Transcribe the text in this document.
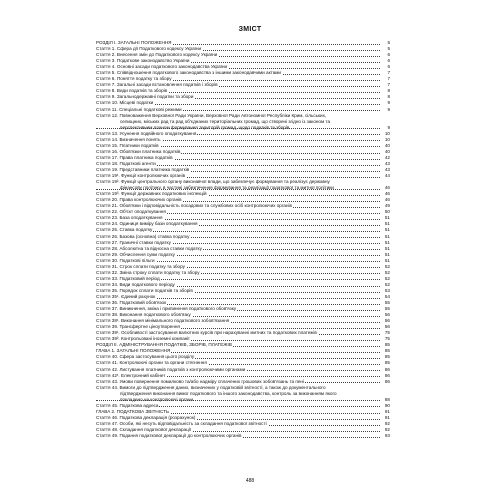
ЗМІСТ
РОЗДІЛ I. ЗАГАЛЬНІ ПОЛОЖЕННЯ	5
Стаття 1. Сфера дії Податкового кодексу України	5
Стаття 2. Внесення змін до Податкового кодексу України	6
Стаття 3. Податкове законодавство України	6
Стаття 4. Основні засади податкового законодавства України	6
Стаття 5. Співвідношення податкового законодавства з іншими законодавчими актами	7
Стаття 6. Поняття податку та збору	7
Стаття 7. Загальні засади встановлення податків і зборів	7
Стаття 8. Види податків та зборів	8
Стаття 9. Загальнодержавні податки та збори	8
Стаття 10. Місцеві податки	9
Стаття 11. Спеціальні податкові режими	9
Стаття 12. Повноваження Верховної Ради України, Верховної Ради Автономної Республіки Крим, сільських,
селищних, міських рад та рад об'єднаних територіальних громад, що створені згідно із законом та
перспективним планом формування територій громад, щодо податків та зборів	9
Стаття 13. Усунення подвійного оподаткування	10
Стаття 14. Визначення понять	10
Стаття 15. Платники податків	40
Стаття 16. Обов'язки платника податків	40
Стаття 17. Права платника податків	42
Стаття 18. Податкові агенти	43
Стаття 19. Представники платника податків	43
Стаття 19¹. Функції контролюючих органів	44
Стаття 19². Функції центрального органу виконавчої влади, що забезпечує формування та реалізує державну
фінансову політику, в частині забезпечення формування та реалізації податкової та митної політики	46
Стаття 19³. Функції державних податкових інспекцій	46
Стаття 20. Права контролюючих органів	46
Стаття 21. Обов'язки і відповідальність посадових та службових осіб контролюючих органів	49
Стаття 22. Об'єкт оподаткування	50
Стаття 23. База оподаткування	51
Стаття 24. Одиниця виміру бази оподаткування	51
Стаття 25. Ставка податку	51
Стаття 26. Базова (основна) ставка податку	51
Стаття 27. Граничні ставки податку	51
Стаття 28. Абсолютна та відносна ставки податку	51
Стаття 29. Обчислення суми податку	51
Стаття 30. Податкові пільги	51
Стаття 31. Строк сплати податку та збору	52
Стаття 32. Зміна строку сплати податку та збору	52
Стаття 33. Податковий період	52
Стаття 34. Види податкового періоду	52
Стаття 35. Порядок сплати податків та зборів	53
Стаття 35¹. Єдиний рахунок	54
Стаття 36. Податковий обов'язок	55
Стаття 37. Виникнення, зміна і припинення податкового обов'язку	55
Стаття 38. Виконання податкового обов'язку	56
Стаття 38¹. Виконання мінімального податкового зобов'язання	56
Стаття 39. Трансфертне ціноутворення	56
Стаття 39¹. Особливості застосування валютних курсів при нарахуванні митних та податкових платежів	75
Стаття 39². Контрольовані іноземні компанії	75
РОЗДІЛ II. АДМІНІСТРУВАННЯ ПОДАТКІВ, ЗБОРІВ, ПЛАТЕЖІВ	85
ГЛАВА 1. ЗАГАЛЬНІ ПОЛОЖЕННЯ	85
Стаття 40. Сфера застосування цього розділу	85
Стаття 41. Контролюючі органи та органи стягнення	85
Стаття 42. Листування платників податків з контролюючими органами	86
Стаття 42¹. Електронний кабінет	86
Стаття 43. Умови повернення помилково та/або надміру сплачених грошових зобов'язань та пені	86
Стаття 44. Вимоги до підтвердження даних, визначених у податковій звітності, а також до документального
підтвердження виконання вимог податкового та іншого законодавства, контроль за виконанням якого
покладено на контролюючі органи	88
Стаття 45. Податкова адреса	90
ГЛАВА 2. ПОДАТКОВА ЗВІТНІСТЬ	91
Стаття 46. Податкова декларація (розрахунок)	91
Стаття 47. Особи, які несуть відповідальність за складання податкової звітності	92
Стаття 48. Складання податкової декларації	92
Стаття 49. Подання податкової декларації до контролюючих органів	93
488
